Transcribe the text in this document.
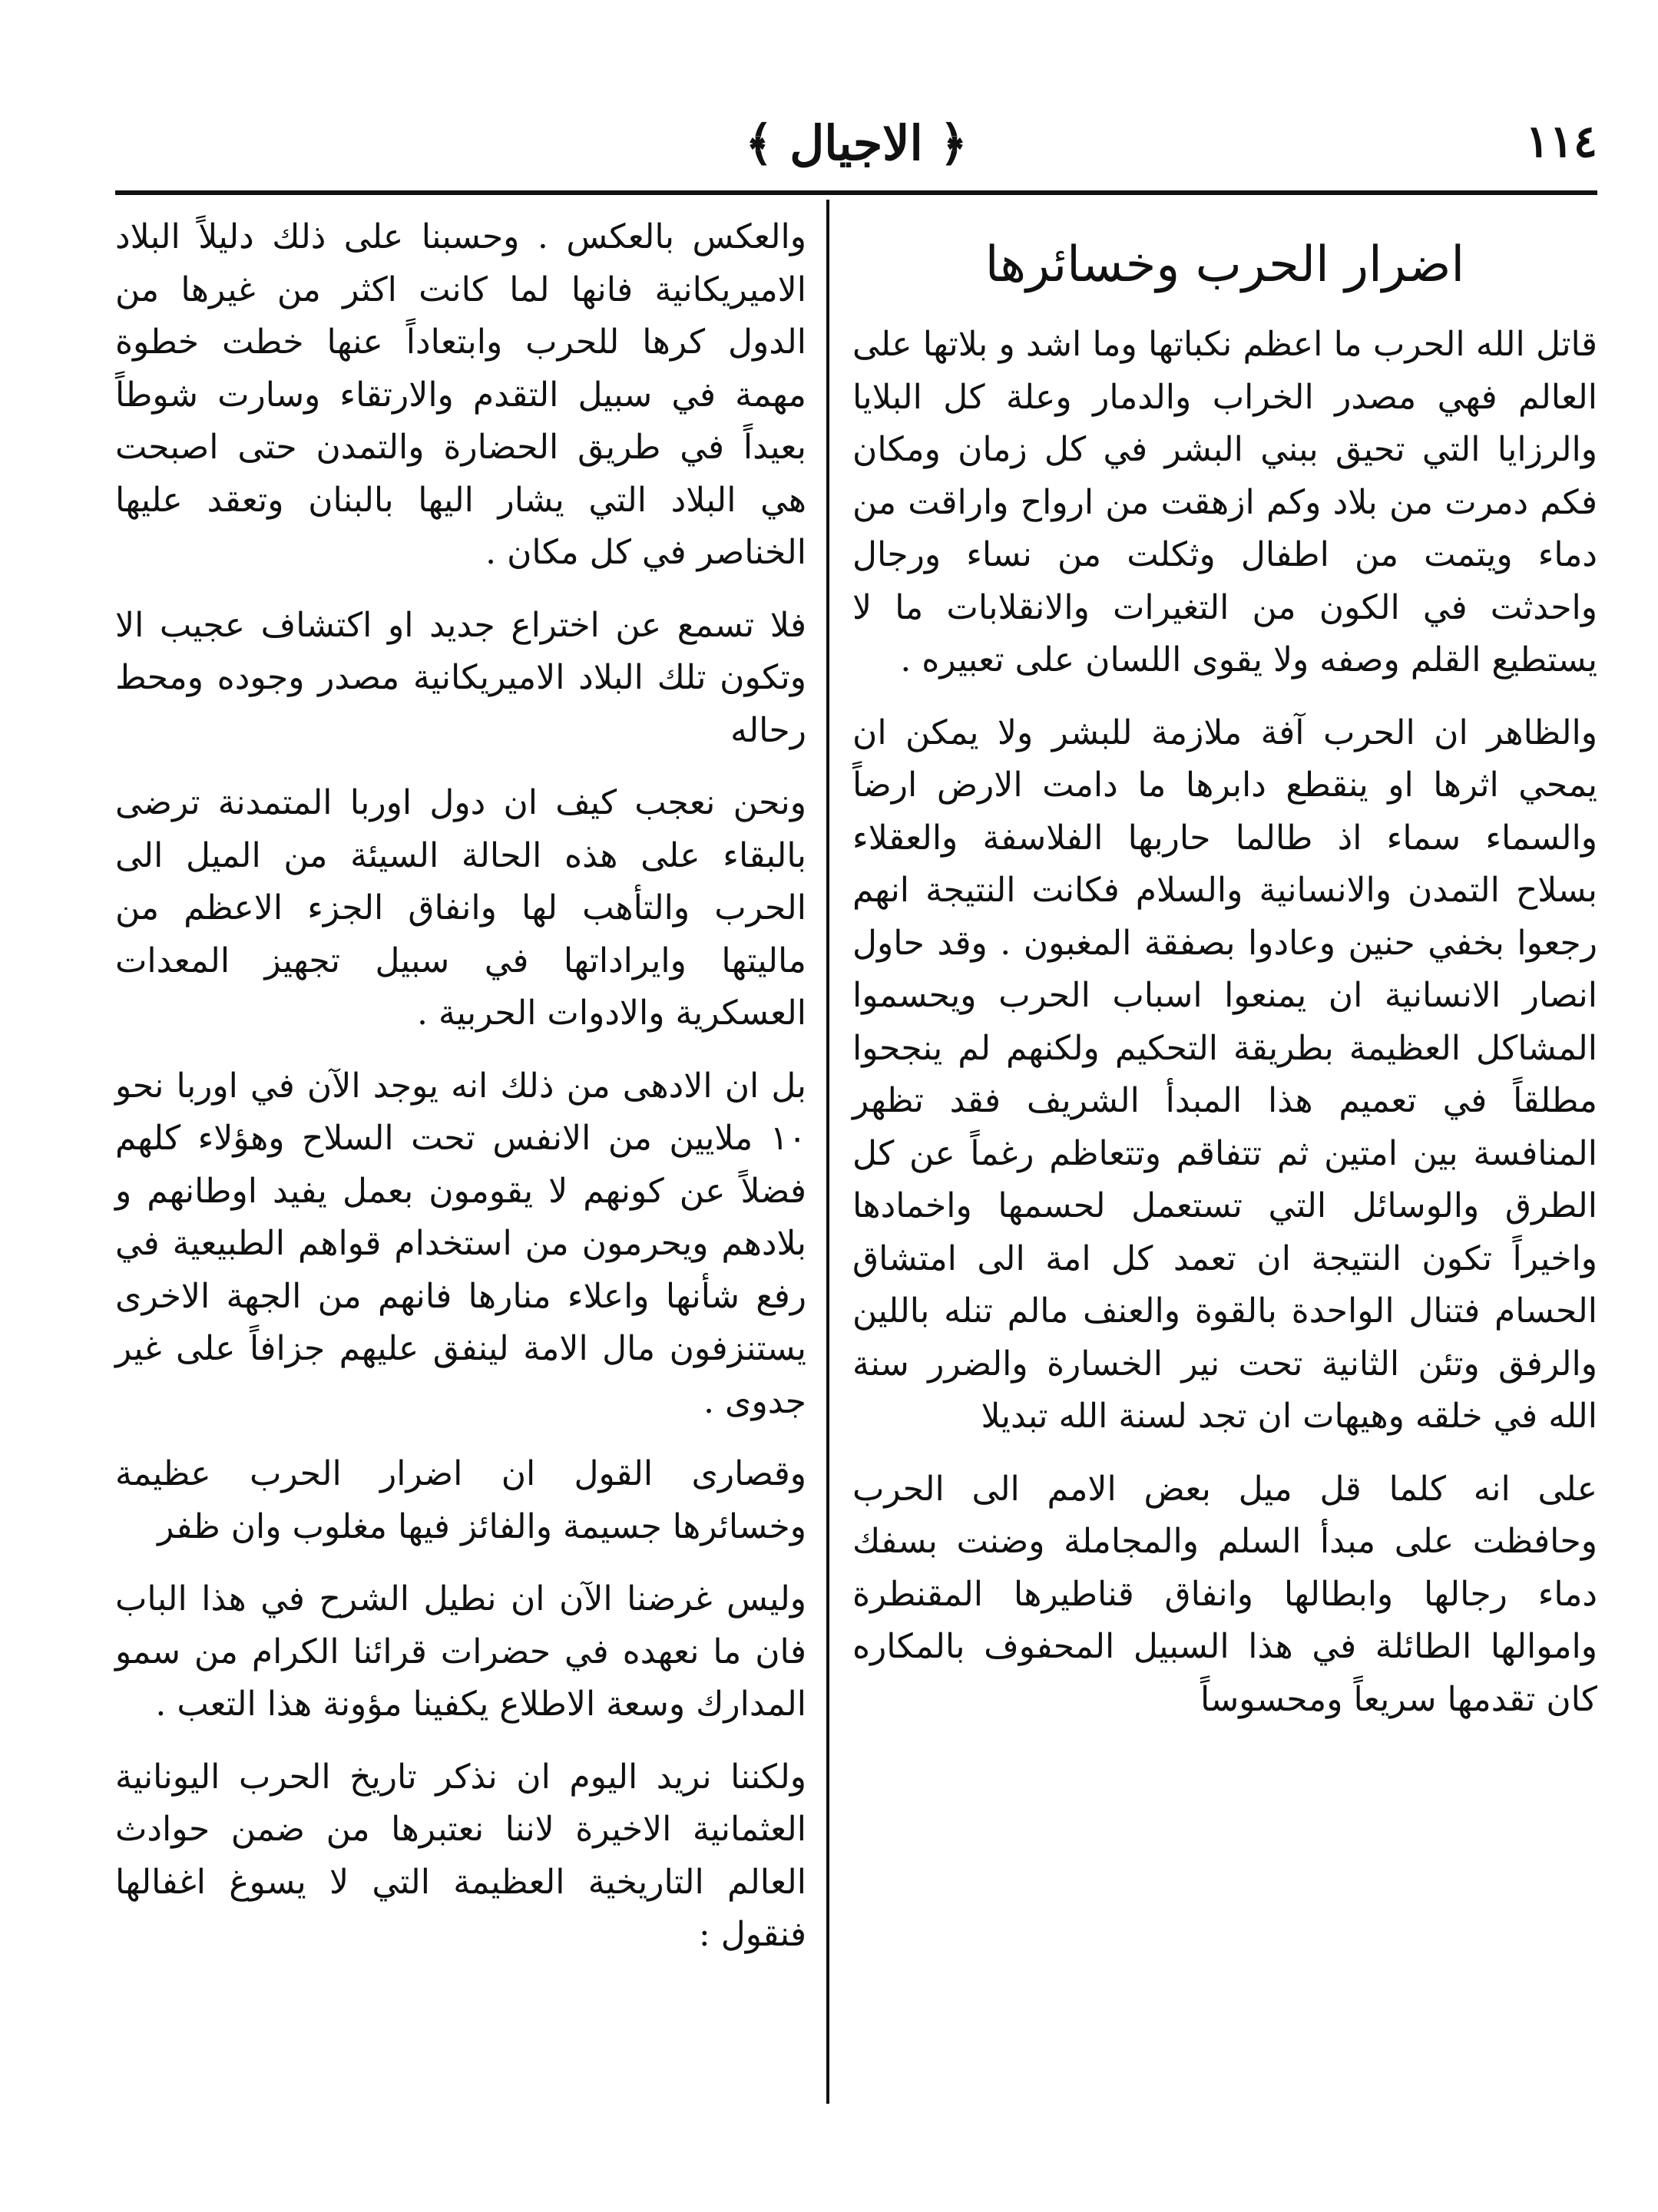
١١٤
﴿ الاجيال ﴾
اضرار الحرب وخسائرها

قاتل الله الحرب ما اعظم نكباتها وما اشد و بلاتها على العالم فهي مصدر الخراب والدمار وعلة كل البلايا والرزايا التي تحيق ببني البشر في كل زمان ومكان فكم دمرت من بلاد وكم ازهقت من ارواح واراقت من دماء ويتمت من اطفال وثكلت من نساء ورجال واحدثت في الكون من التغيرات والانقلابات ما لا يستطيع القلم وصفه ولا يقوى اللسان على تعبيره .

والظاهر ان الحرب آفة ملازمة للبشر ولا يمكن ان يمحي اثرها او ينقطع دابرها ما دامت الارض ارضاً والسماء سماء اذ طالما حاربها الفلاسفة والعقلاء بسلاح التمدن والانسانية والسلام فكانت النتيجة انهم رجعوا بخفي حنين وعادوا بصفقة المغبون . وقد حاول انصار الانسانية ان يمنعوا اسباب الحرب ويحسموا المشاكل العظيمة بطريقة التحكيم ولكنهم لم ينجحوا مطلقاً في تعميم هذا المبدأ الشريف فقد تظهر المنافسة بين امتين ثم تتفاقم وتتعاظم رغماً عن كل الطرق والوسائل التي تستعمل لحسمها واخمادها واخيراً تكون النتيجة ان تعمد كل امة الى امتشاق الحسام فتنال الواحدة بالقوة والعنف مالم تنله باللين والرفق وتئن الثانية تحت نير الخسارة والضرر سنة الله في خلقه وهيهات ان تجد لسنة الله تبديلا

على انه كلما قل ميل بعض الامم الى الحرب وحافظت على مبدأ السلم والمجاملة وضنت بسفك دماء رجالها وابطالها وانفاق قناطيرها المقنطرة واموالها الطائلة في هذا السبيل المحفوف بالمكاره كان تقدمها سريعاً ومحسوساً

والعكس بالعكس . وحسبنا على ذلك دليلاً البلاد الاميريكانية فانها لما كانت اكثر من غيرها من الدول كرها للحرب وابتعاداً عنها خطت خطوة مهمة في سبيل التقدم والارتقاء وسارت شوطاً بعيداً في طريق الحضارة والتمدن حتى اصبحت هي البلاد التي يشار اليها بالبنان وتعقد عليها الخناصر في كل مكان .

فلا تسمع عن اختراع جديد او اكتشاف عجيب الا وتكون تلك البلاد الاميريكانية مصدر وجوده ومحط رحاله

ونحن نعجب كيف ان دول اوربا المتمدنة ترضى بالبقاء على هذه الحالة السيئة من الميل الى الحرب والتأهب لها وانفاق الجزء الاعظم من ماليتها وايراداتها في سبيل تجهيز المعدات العسكرية والادوات الحربية .

بل ان الادهى من ذلك انه يوجد الآن في اوربا نحو ١٠ ملايين من الانفس تحت السلاح وهؤلاء كلهم فضلاً عن كونهم لا يقومون بعمل يفيد اوطانهم و بلادهم ويحرمون من استخدام قواهم الطبيعية في رفع شأنها واعلاء منارها فانهم من الجهة الاخرى يستنزفون مال الامة لينفق عليهم جزافاً على غير جدوى .

وقصارى القول ان اضرار الحرب عظيمة وخسائرها جسيمة والفائز فيها مغلوب وان ظفر

وليس غرضنا الآن ان نطيل الشرح في هذا الباب فان ما نعهده في حضرات قرائنا الكرام من سمو المدارك وسعة الاطلاع يكفينا مؤونة هذا التعب .

ولكننا نريد اليوم ان نذكر تاريخ الحرب اليونانية العثمانية الاخيرة لاننا نعتبرها من ضمن حوادث العالم التاريخية العظيمة التي لا يسوغ اغفالها فنقول :
